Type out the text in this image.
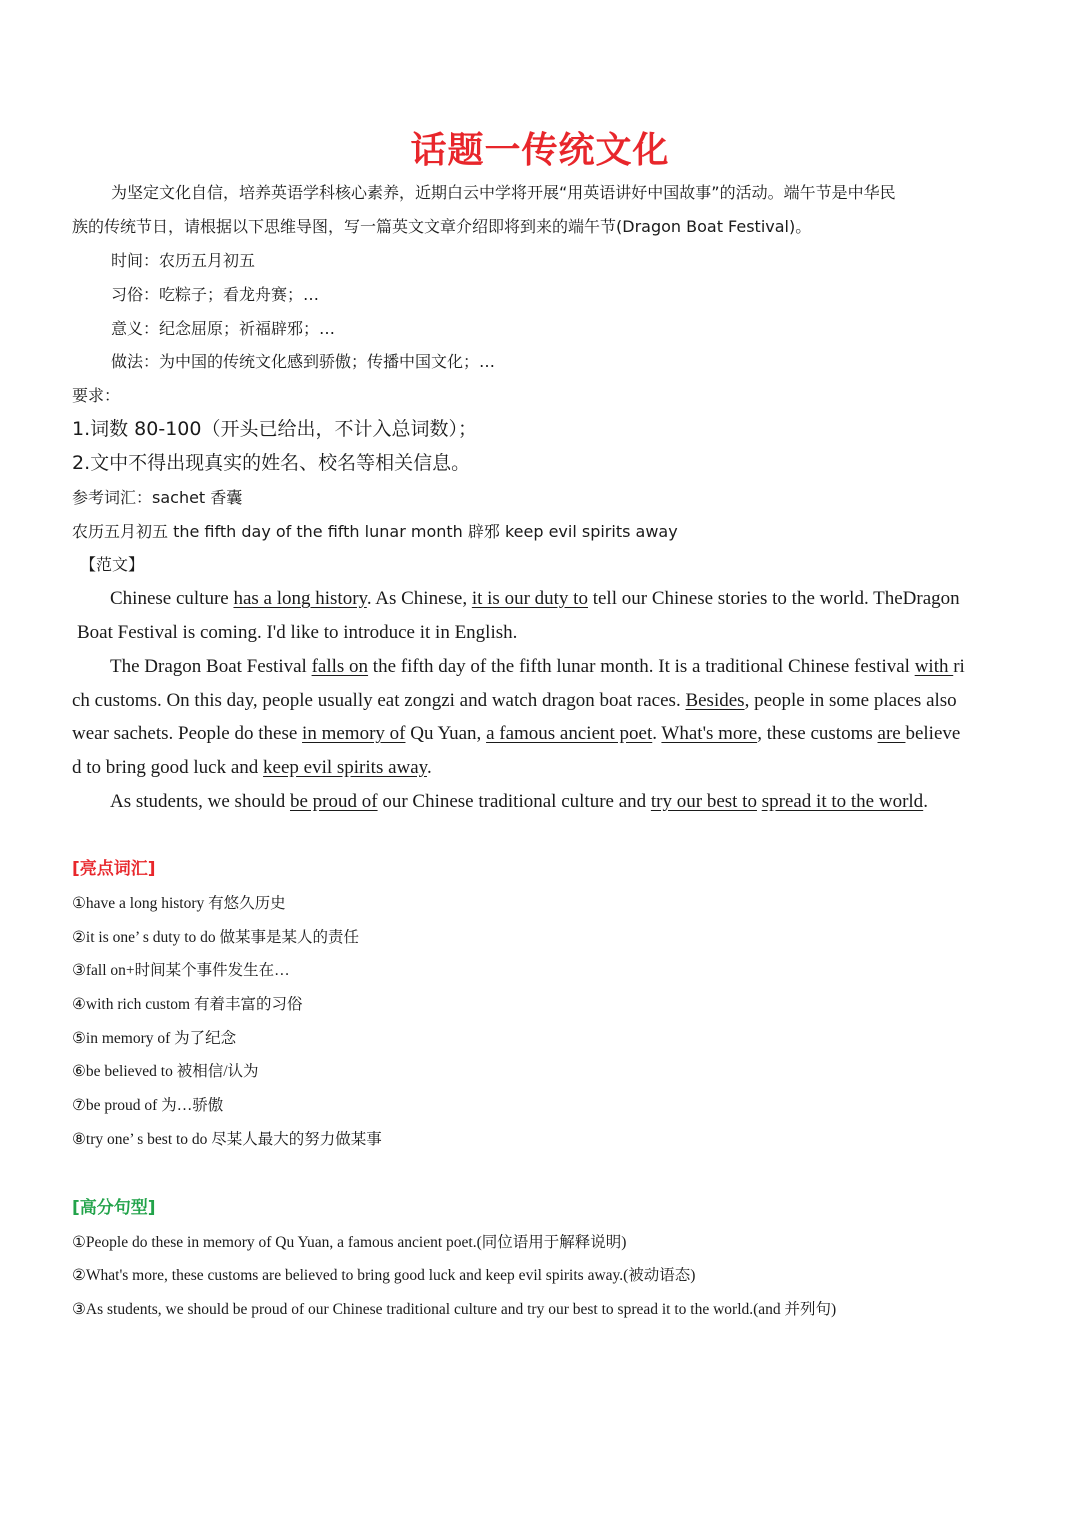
话题一传统文化
为坚定文化自信，培养英语学科核心素养，近期白云中学将开展“用英语讲好中国故事”的活动。端午节是中华民
族的传统节日，请根据以下思维导图，写一篇英文文章介绍即将到来的端午节(Dragon Boat Festival)。
时间：农历五月初五
习俗：吃粽子；看龙舟赛；…
意义：纪念屈原；祈福辟邪；…
做法：为中国的传统文化感到骄傲；传播中国文化；…
要求：
1.词数 80-100（开头已给出，不计入总词数）；
2.文中不得出现真实的姓名、校名等相关信息。
参考词汇：sachet 香囊
农历五月初五 the fifth day of the fifth lunar month 辟邪 keep evil spirits away
【范文】
Chinese culture has a long history. As Chinese, it is our duty to tell our Chinese stories to the world. TheDragon
Boat Festival is coming. I'd like to introduce it in English.
The Dragon Boat Festival falls on the fifth day of the fifth lunar month. It is a traditional Chinese festival with ri
ch customs. On this day, people usually eat zongzi and watch dragon boat races. Besides, people in some places also
wear sachets. People do these in memory of Qu Yuan, a famous ancient poet. What's more, these customs are believe
d to bring good luck and keep evil spirits away.
As students, we should be proud of our Chinese traditional culture and try our best to spread it to the world.
[亮点词汇]
①have a long history 有悠久历史
②it is one’ s duty to do 做某事是某人的责任
③fall on+时间某个事件发生在…
④with rich custom 有着丰富的习俗
⑤in memory of 为了纪念
⑥be believed to 被相信/认为
⑦be proud of 为…骄傲
⑧try one’ s best to do 尽某人最大的努力做某事
[高分句型]
①People do these in memory of Qu Yuan, a famous ancient poet.(同位语用于解释说明)
②What's more, these customs are believed to bring good luck and keep evil spirits away.(被动语态)
③As students, we should be proud of our Chinese traditional culture and try our best to spread it to the world.(and 并列句)
